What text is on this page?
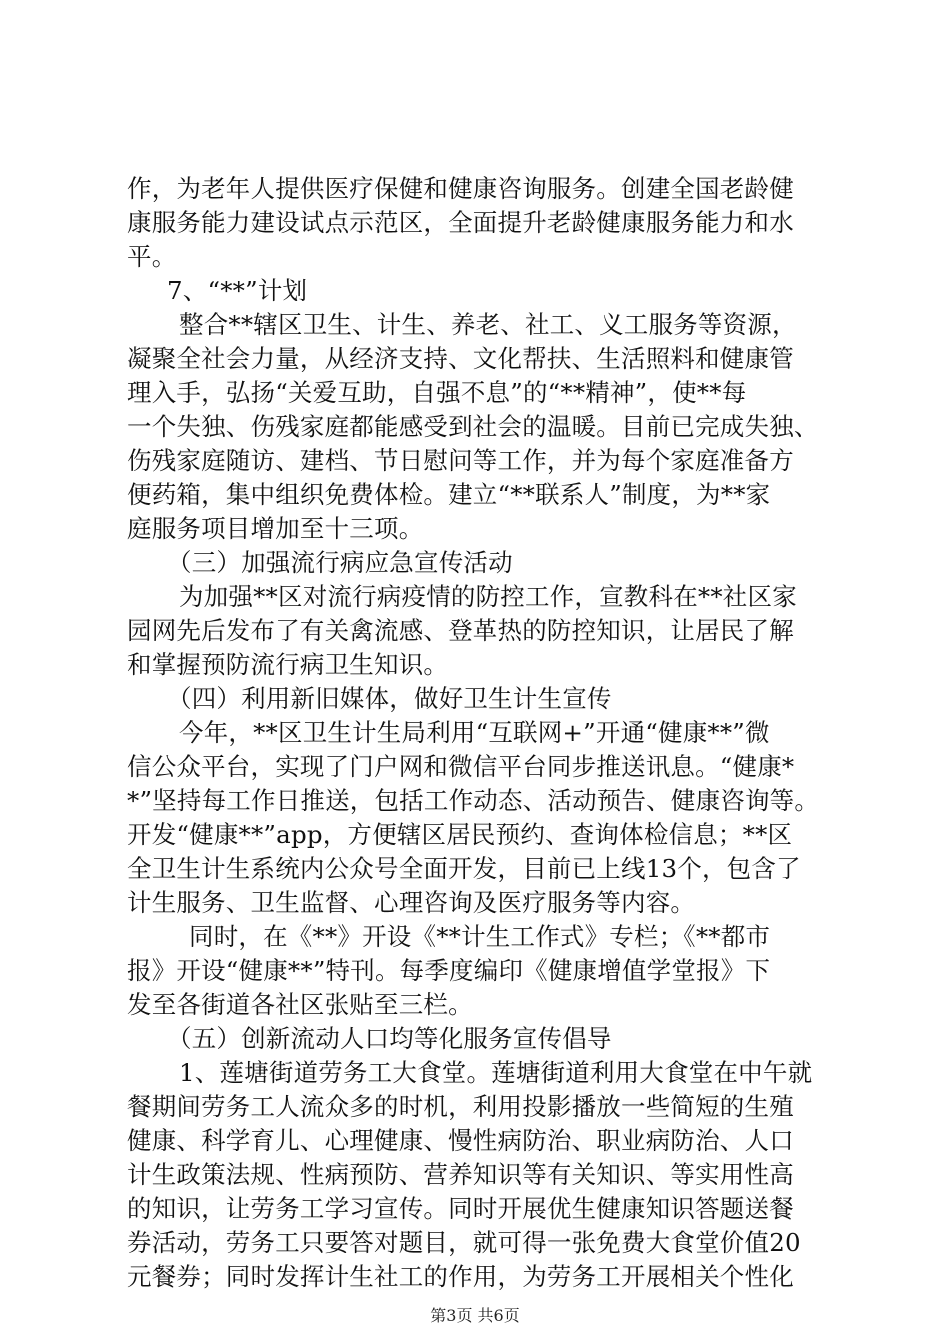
作，为老年人提供医疗保健和健康咨询服务。创建全国老龄健
康服务能力建设试点示范区，全面提升老龄健康服务能力和水
平。
7、“**”计划
整合**辖区卫生、计生、养老、社工、义工服务等资源，
凝聚全社会力量，从经济支持、文化帮扶、生活照料和健康管
理入手，弘扬“关爱互助，自强不息”的“**精神”，使**每
一个失独、伤残家庭都能感受到社会的温暖。目前已完成失独、
伤残家庭随访、建档、节日慰问等工作，并为每个家庭准备方
便药箱，集中组织免费体检。建立“**联系人”制度，为**家
庭服务项目增加至十三项。
（三）加强流行病应急宣传活动
为加强**区对流行病疫情的防控工作，宣教科在**社区家
园网先后发布了有关禽流感、登革热的防控知识，让居民了解
和掌握预防流行病卫生知识。
（四）利用新旧媒体，做好卫生计生宣传
今年，**区卫生计生局利用“互联网+”开通“健康**”微
信公众平台，实现了门户网和微信平台同步推送讯息。“健康*
*”坚持每工作日推送，包括工作动态、活动预告、健康咨询等。
开发“健康**”app，方便辖区居民预约、查询体检信息；**区
全卫生计生系统内公众号全面开发，目前已上线13个，包含了
计生服务、卫生监督、心理咨询及医疗服务等内容。
同时，在《**》开设《**计生工作式》专栏；《**都市
报》开设“健康**”特刊。每季度编印《健康增值学堂报》下
发至各街道各社区张贴至三栏。
（五）创新流动人口均等化服务宣传倡导
1、莲塘街道劳务工大食堂。莲塘街道利用大食堂在中午就
餐期间劳务工人流众多的时机，利用投影播放一些简短的生殖
健康、科学育儿、心理健康、慢性病防治、职业病防治、人口
计生政策法规、性病预防、营养知识等有关知识、等实用性高
的知识，让劳务工学习宣传。同时开展优生健康知识答题送餐
券活动，劳务工只要答对题目，就可得一张免费大食堂价值20
元餐券；同时发挥计生社工的作用，为劳务工开展相关个性化
第3页 共6页
